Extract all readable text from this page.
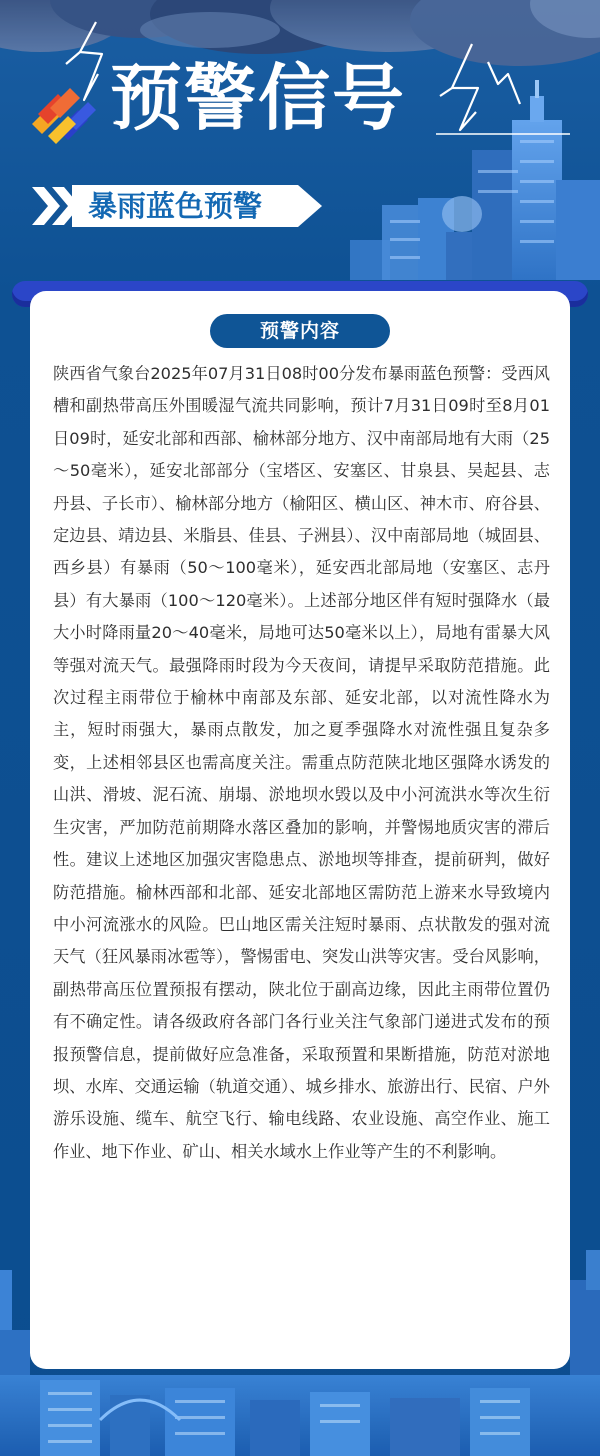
预警信号
暴雨蓝色预警
预警内容

陕西省气象台2025年07月31日08时00分发布暴雨蓝色预警：受西风槽和副热带高压外围暖湿气流共同影响，预计7月31日09时至8月01日09时，延安北部和西部、榆林部分地方、汉中南部局地有大雨（25～50毫米），延安北部部分（宝塔区、安塞区、甘泉县、吴起县、志丹县、子长市）、榆林部分地方（榆阳区、横山区、神木市、府谷县、定边县、靖边县、米脂县、佳县、子洲县）、汉中南部局地（城固县、西乡县）有暴雨（50～100毫米），延安西北部局地（安塞区、志丹县）有大暴雨（100～120毫米）。上述部分地区伴有短时强降水（最大小时降雨量20～40毫米，局地可达50毫米以上），局地有雷暴大风等强对流天气。最强降雨时段为今天夜间，请提早采取防范措施。此次过程主雨带位于榆林中南部及东部、延安北部，以对流性降水为主，短时雨强大，暴雨点散发，加之夏季强降水对流性强且复杂多变，上述相邻县区也需高度关注。需重点防范陕北地区强降水诱发的山洪、滑坡、泥石流、崩塌、淤地坝水毁以及中小河流洪水等次生衍生灾害，严加防范前期降水落区叠加的影响，并警惕地质灾害的滞后性。建议上述地区加强灾害隐患点、淤地坝等排查，提前研判，做好防范措施。榆林西部和北部、延安北部地区需防范上游来水导致境内中小河流涨水的风险。巴山地区需关注短时暴雨、点状散发的强对流天气（狂风暴雨冰雹等），警惕雷电、突发山洪等灾害。受台风影响，副热带高压位置预报有摆动，陕北位于副高边缘，因此主雨带位置仍有不确定性。请各级政府各部门各行业关注气象部门递进式发布的预报预警信息，提前做好应急准备，采取预置和果断措施，防范对淤地坝、水库、交通运输（轨道交通）、城乡排水、旅游出行、民宿、户外游乐设施、缆车、航空飞行、输电线路、农业设施、高空作业、施工作业、地下作业、矿山、相关水域水上作业等产生的不利影响。
